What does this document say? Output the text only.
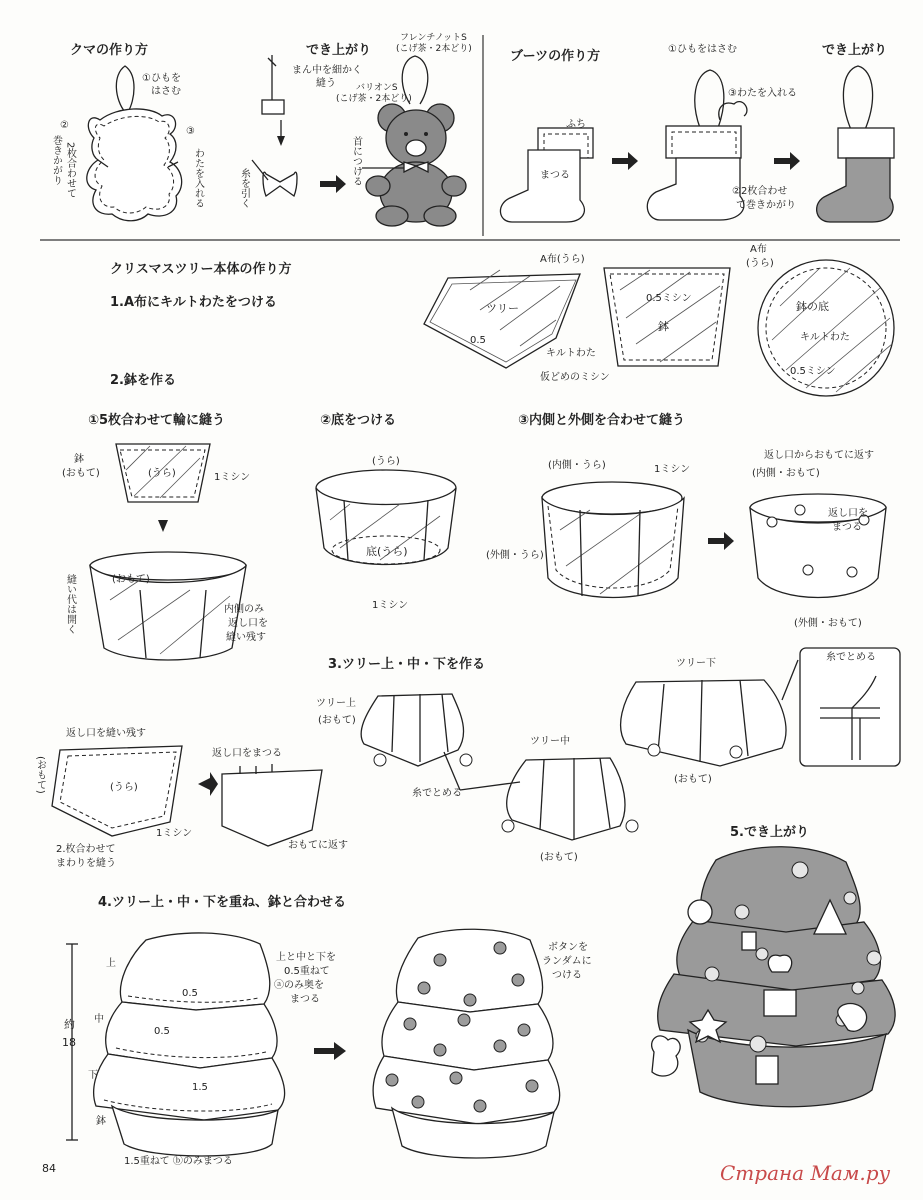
クマの作り方	でき上がり
①ひもを
はさむ
②
③
2枚合わせて
巻きかがり	わたを入れる
まん中を細かく
縫う
糸を引く
フレンチノットS
(こげ茶・2本どり)
バリオンS
(こげ茶・2本どり)
首につける
ブーツの作り方	でき上がり
ふち
まつる
①ひもをはさむ
③わたを入れる
②2枚合わせ
て巻きかがり
クリスマスツリー本体の作り方
1.A布にキルトわたをつける	ツリー
0.5
0.5ミシン
鉢
A布(うら)
キルトわた
仮どめのミシン
A布
(うら)
鉢の底
キルトわた
0.5ミシン
2.鉢を作る
①5枚合わせて輪に縫う	②底をつける	③内側と外側を合わせて縫う
鉢
(おもて)	(うら)	1ミシン
(おもて)
縫い代は開く	内側のみ
返し口を
縫い残す
(うら)
底(うら)
1ミシン
(内側・うら)	1ミシン
(外側・うら)
返し口からおもてに返す
(内側・おもて)
返し口を
まつる
(外側・おもて)
3.ツリー上・中・下を作る
ツリー上
(おもて)
ツリー中
(おもて)
ツリー下
(おもて)
糸でとめる
糸でとめる
返し口を縫い残す
(うら)
(おもて)
1ミシン
2.枚合わせて
まわりを縫う
返し口をまつる
おもてに返す
4.ツリー上・中・下を重ね、鉢と合わせる
約
18
上
中
下
鉢
0.5
0.5
1.5
上と中と下を
0.5重ねて
ⓐのみ奥を
まつる
1.5重ねて ⓑのみまつる
ボタンを
ランダムに
つける
5.でき上がり
84	Страна Мам.ру
